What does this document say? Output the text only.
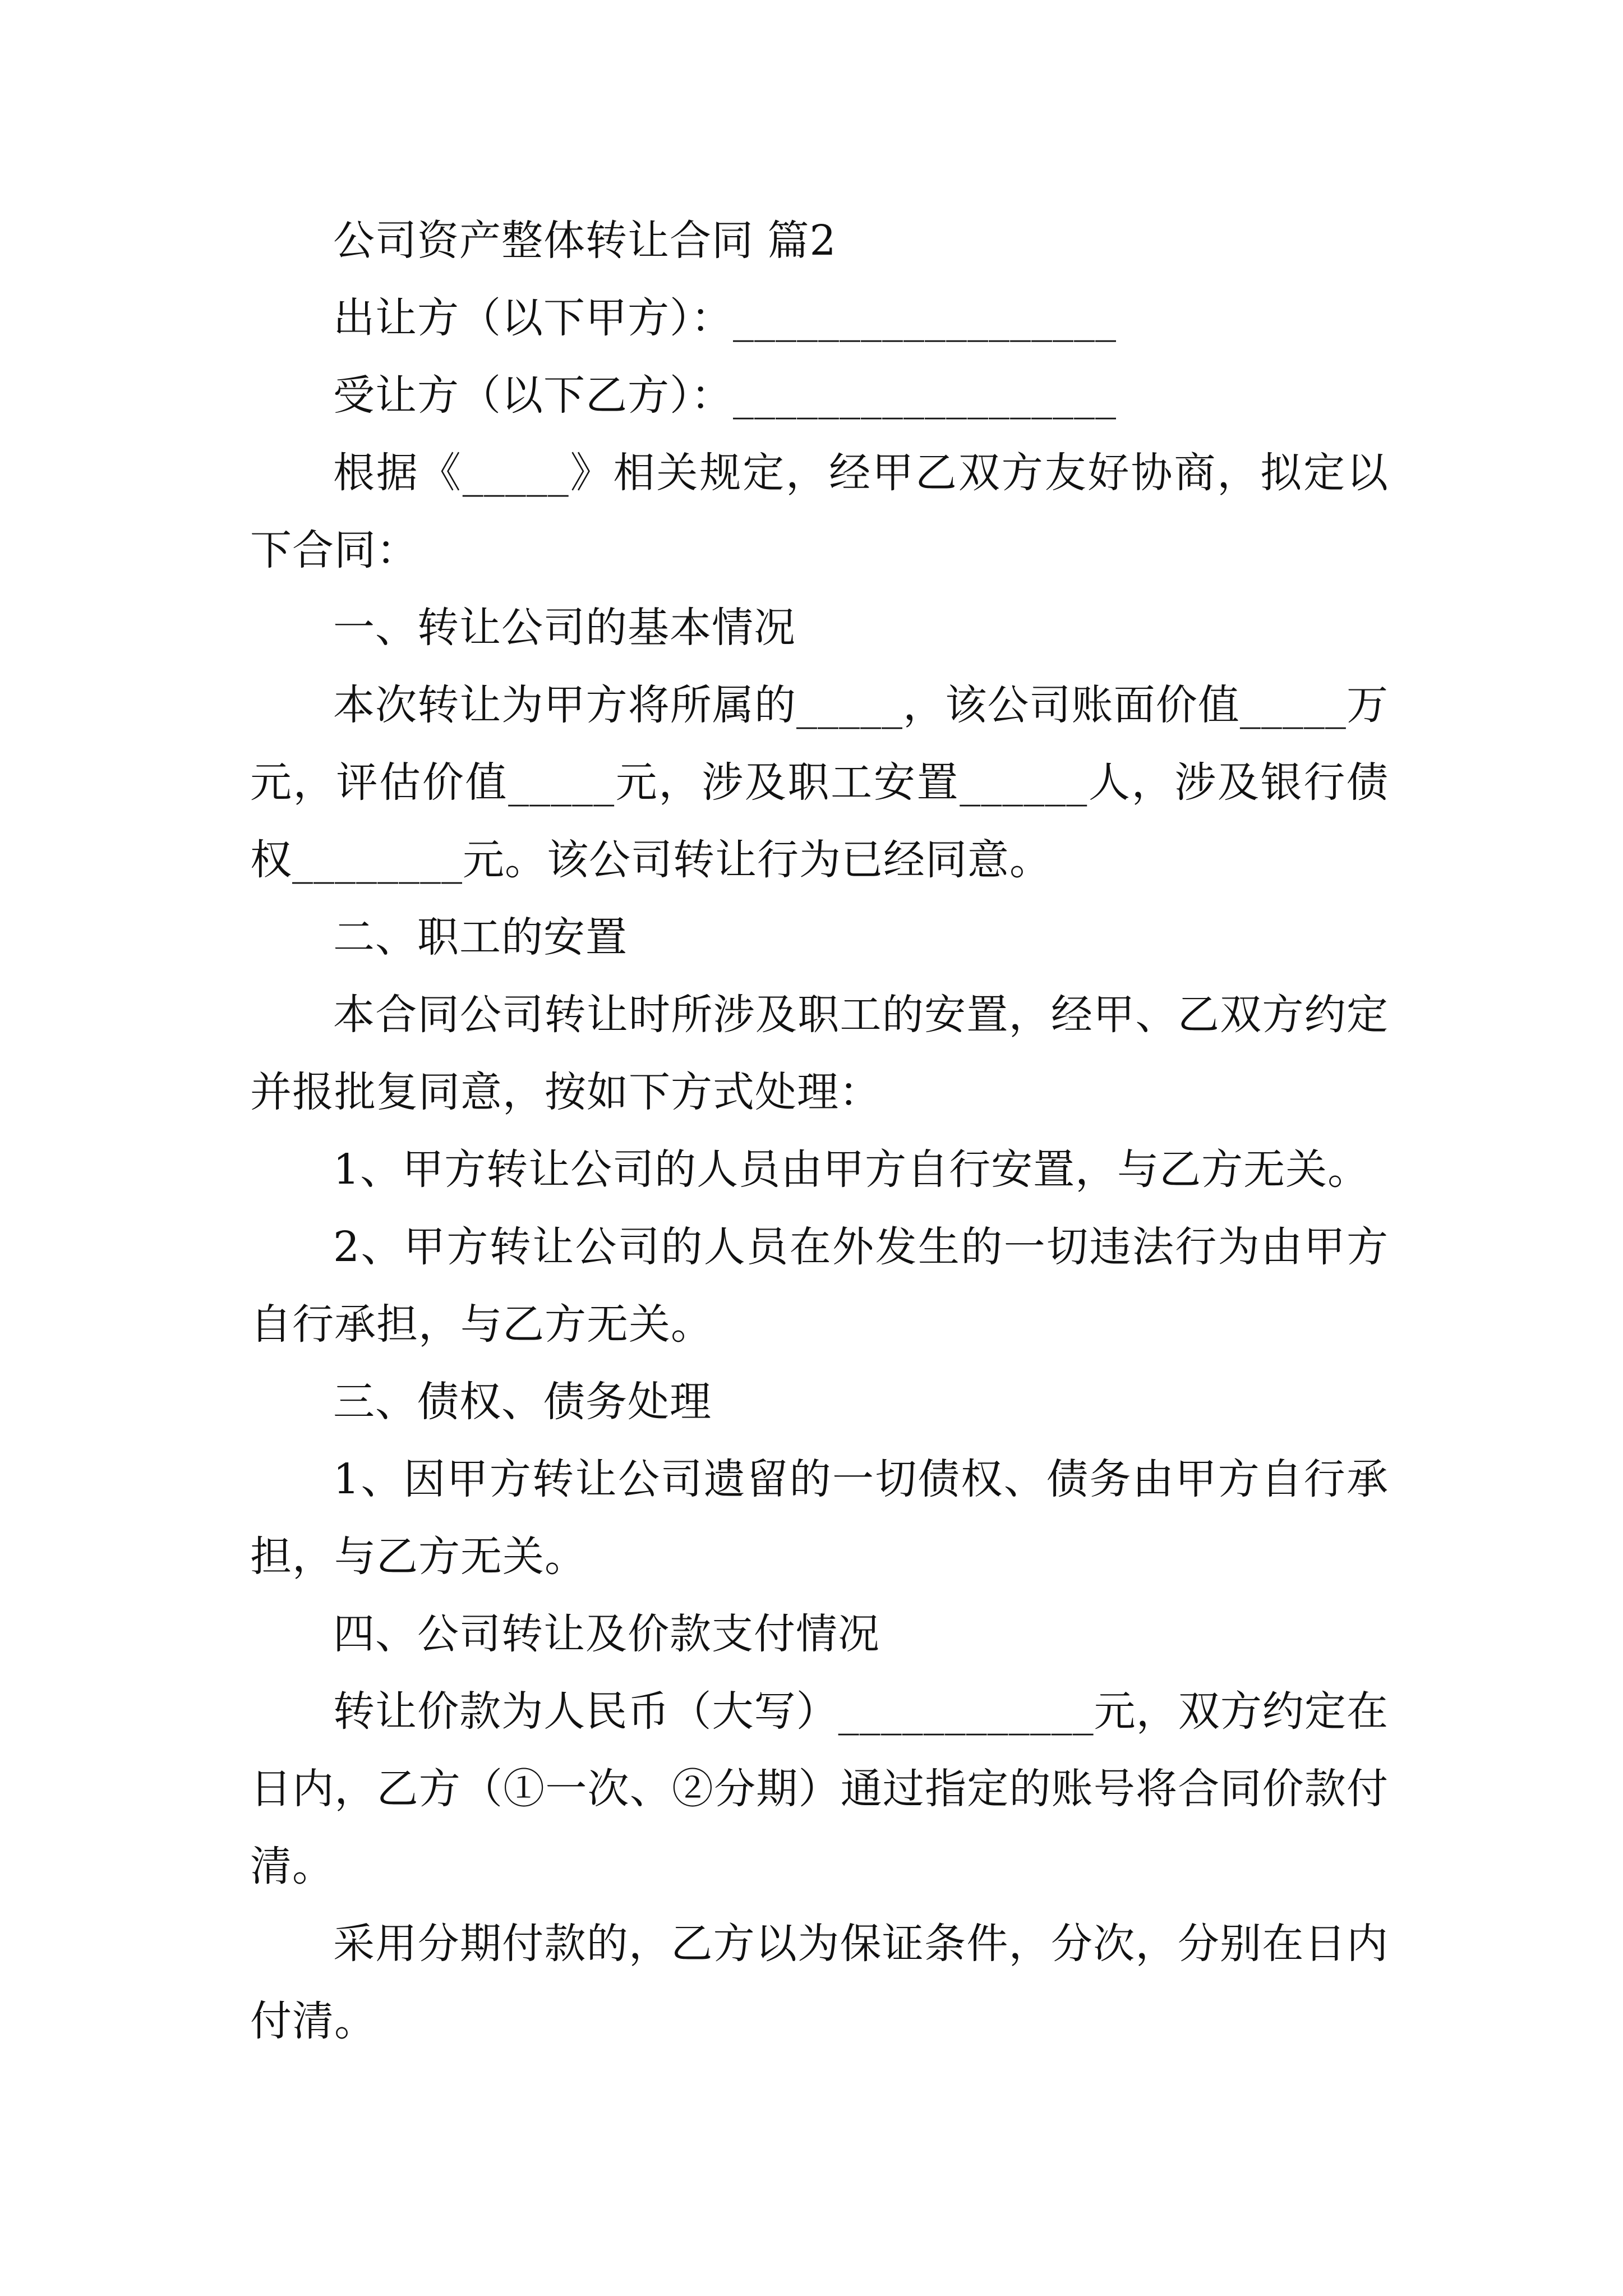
公司资产整体转让合同 篇2

出让方（以下甲方）：__________________

受让方（以下乙方）：__________________

根据《_____》相关规定，经甲乙双方友好协商，拟定以下合同：

一、转让公司的基本情况

本次转让为甲方将所属的_____，该公司账面价值_____万元，评估价值_____元，涉及职工安置______人，涉及银行债权________元。该公司转让行为已经同意。

二、职工的安置

本合同公司转让时所涉及职工的安置，经甲、乙双方约定并报批复同意，按如下方式处理：

1、甲方转让公司的人员由甲方自行安置，与乙方无关。

2、甲方转让公司的人员在外发生的一切违法行为由甲方自行承担，与乙方无关。

三、债权、债务处理

1、因甲方转让公司遗留的一切债权、债务由甲方自行承担，与乙方无关。

四、公司转让及价款支付情况

转让价款为人民币（大写）____________元，双方约定在日内，乙方（①一次、②分期）通过指定的账号将合同价款付清。

采用分期付款的，乙方以为保证条件，分次，分别在日内付清。
